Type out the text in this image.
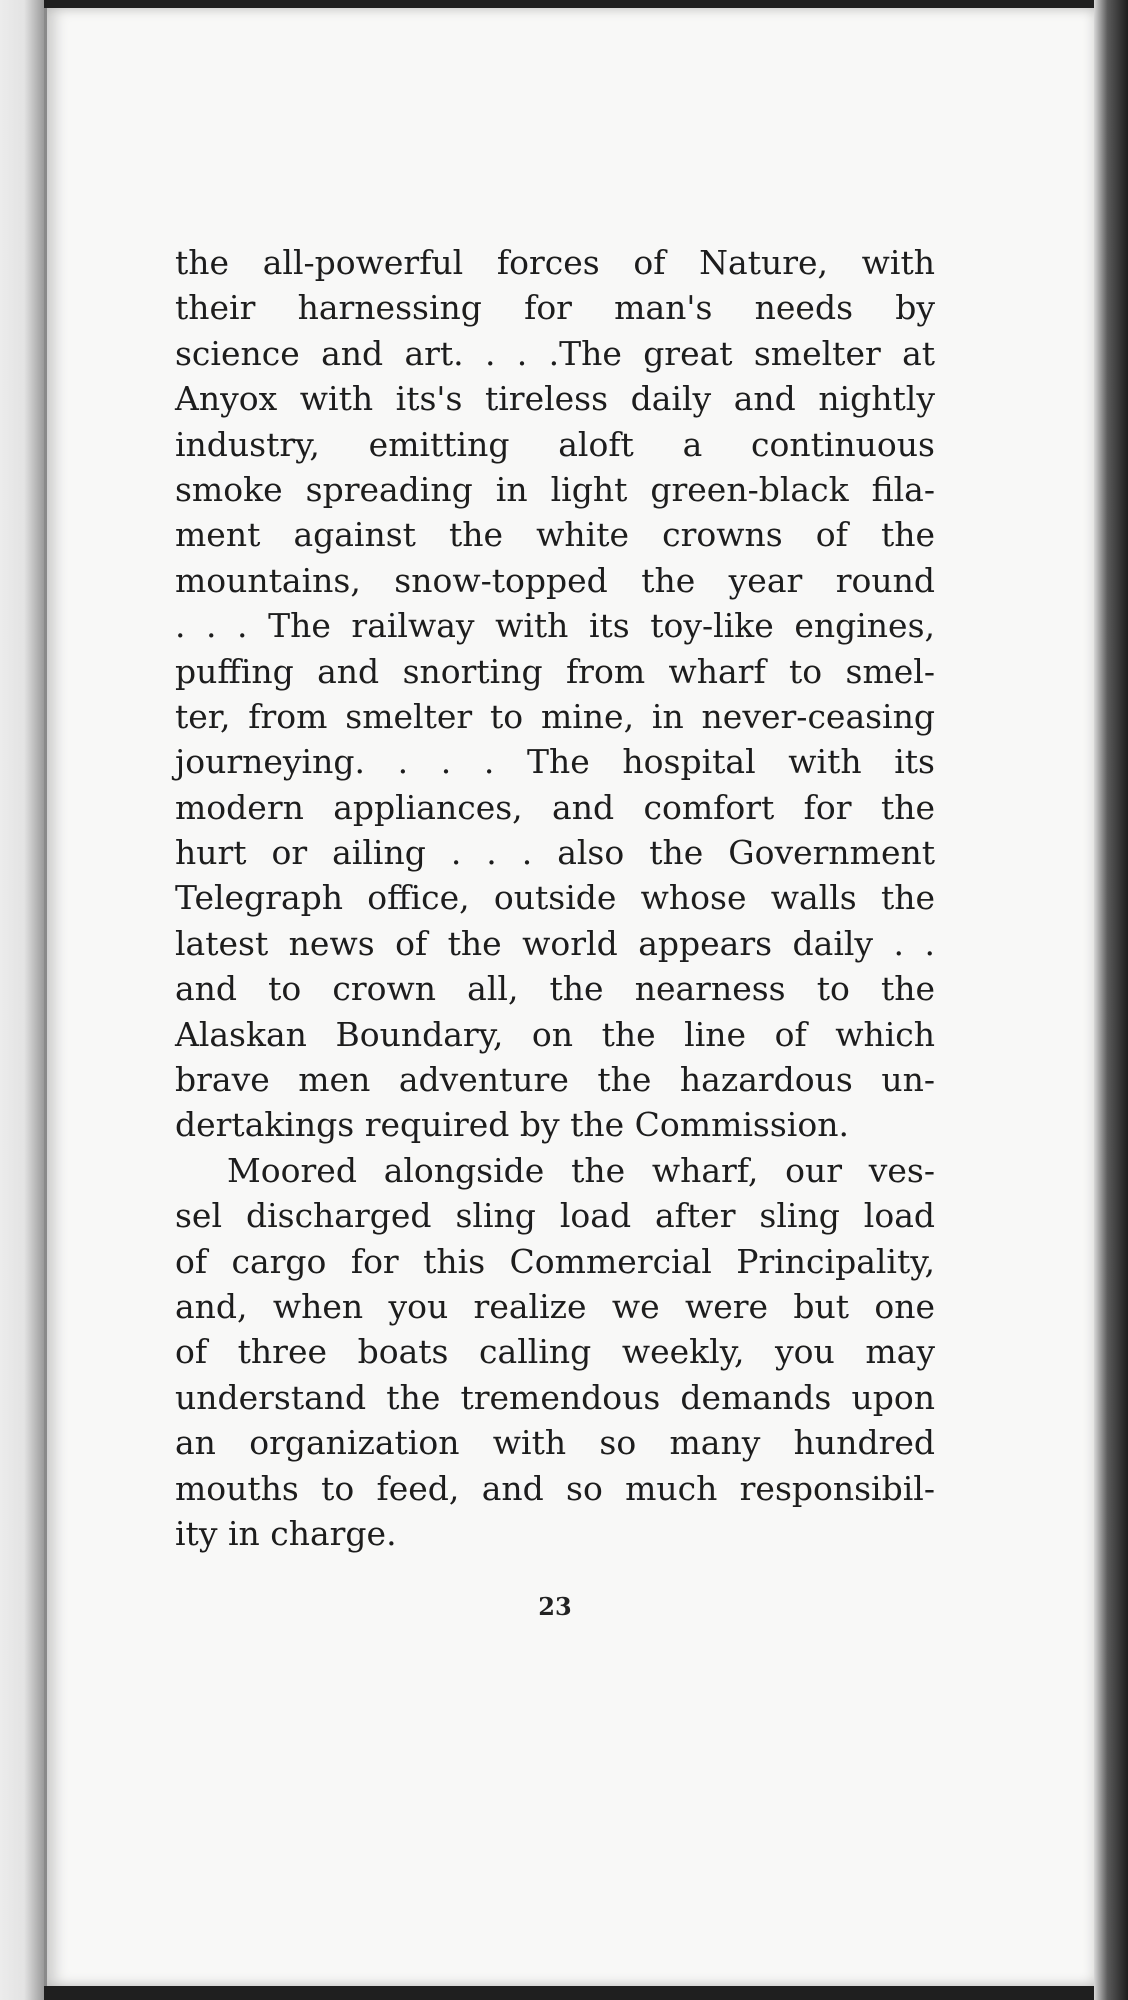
the all-powerful forces of Nature, with
their harnessing for man's needs by
science and art. . . .The great smelter at
Anyox with its's tireless daily and nightly
industry, emitting aloft a continuous
smoke spreading in light green-black fila-
ment against the white crowns of the
mountains, snow-topped the year round
. . . The railway with its toy-like engines,
puffing and snorting from wharf to smel-
ter, from smelter to mine, in never-ceasing
journeying. . . . The hospital with its
modern appliances, and comfort for the
hurt or ailing . . . also the Government
Telegraph office, outside whose walls the
latest news of the world appears daily . .
and to crown all, the nearness to the
Alaskan Boundary, on the line of which
brave men adventure the hazardous un-
dertakings required by the Commission.
Moored alongside the wharf, our ves-
sel discharged sling load after sling load
of cargo for this Commercial Principality,
and, when you realize we were but one
of three boats calling weekly, you may
understand the tremendous demands upon
an organization with so many hundred
mouths to feed, and so much responsibil-
ity in charge.
23
